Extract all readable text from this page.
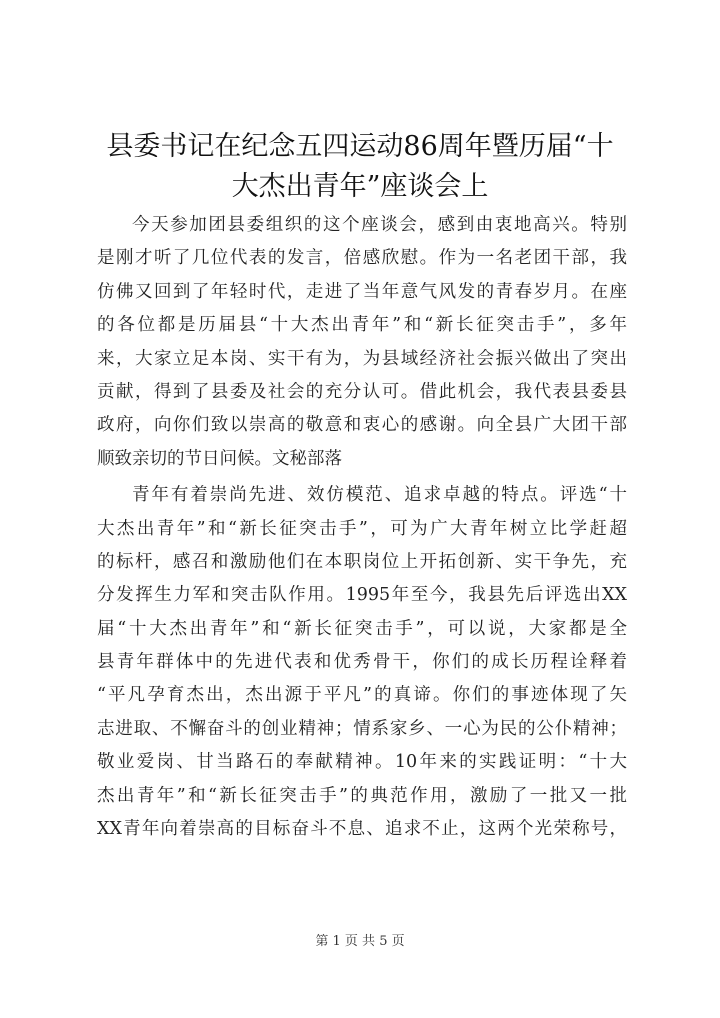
县委书记在纪念五四运动86周年暨历届“十
大杰出青年”座谈会上
今天参加团县委组织的这个座谈会，感到由衷地高兴。特别
是刚才听了几位代表的发言，倍感欣慰。作为一名老团干部，我
仿佛又回到了年轻时代，走进了当年意气风发的青春岁月。在座
的各位都是历届县“十大杰出青年”和“新长征突击手”，多年
来，大家立足本岗、实干有为，为县域经济社会振兴做出了突出
贡献，得到了县委及社会的充分认可。借此机会，我代表县委县
政府，向你们致以崇高的敬意和衷心的感谢。向全县广大团干部
顺致亲切的节日问候。文秘部落
青年有着崇尚先进、效仿模范、追求卓越的特点。评选“十
大杰出青年”和“新长征突击手”，可为广大青年树立比学赶超
的标杆，感召和激励他们在本职岗位上开拓创新、实干争先，充
分发挥生力军和突击队作用。1995年至今，我县先后评选出XX
届“十大杰出青年”和“新长征突击手”，可以说，大家都是全
县青年群体中的先进代表和优秀骨干，你们的成长历程诠释着
“平凡孕育杰出，杰出源于平凡”的真谛。你们的事迹体现了矢
志进取、不懈奋斗的创业精神；情系家乡、一心为民的公仆精神；
敬业爱岗、甘当路石的奉献精神。10年来的实践证明：“十大
杰出青年”和“新长征突击手”的典范作用，激励了一批又一批
XX青年向着崇高的目标奋斗不息、追求不止，这两个光荣称号，
第 1 页 共 5 页
